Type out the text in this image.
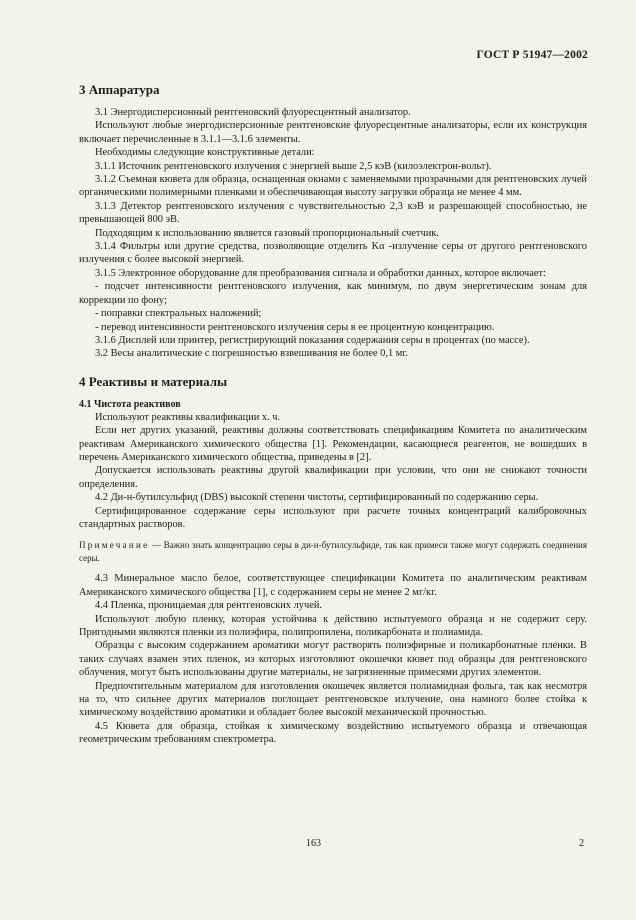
ГОСТ Р 51947—2002
3 Аппаратура

3.1 Энергодисперсионный рентгеновский флуоресцентный анализатор.

Используют любые энергодисперсионные рентгеновские флуоресцентные анализаторы, если их конструкция включает перечисленные в 3.1.1—3.1.6 элементы.

Необходимы следующие конструктивные детали:

3.1.1 Источник рентгеновского излучения с энергией выше 2,5 кэВ (килоэлектрон-вольт).

3.1.2 Съемная кювета для образца, оснащенная окнами с заменяемыми прозрачными для рентгеновских лучей органическими полимерными пленками и обеспечивающая высоту загрузки образца не менее 4 мм.

3.1.3 Детектор рентгеновского излучения с чувствительностью 2,3 кэВ и разрешающей способностью, не превышающей 800 эВ.

Подходящим к использованию является газовый пропорциональный счетчик.

3.1.4 Фильтры или другие средства, позволяющие отделить Kα -излучение серы от другого рентгеновского излучения с более высокой энергией.

3.1.5 Электронное оборудование для преобразования сигнала и обработки данных, которое включает:

- подсчет интенсивности рентгеновского излучения, как минимум, по двум энергетическим зонам для коррекции по фону;

- поправки спектральных наложений;

- перевод интенсивности рентгеновского излучения серы в ее процентную концентрацию.

3.1.6 Дисплей или принтер, регистрирующий показания содержания серы в процентах (по массе).

3.2 Весы аналитические с погрешностью взвешивания не более 0,1 мг.

4 Реактивы и материалы
4.1 Чистота реактивов

Используют реактивы квалификации х. ч.

Если нет других указаний, реактивы должны соответствовать спецификациям Комитета по аналитическим реактивам Американского химического общества [1]. Рекомендации, касающиеся реагентов, не вошедших в перечень Американского химического общества, приведены в [2].

Допускается использовать реактивы другой квалификации при условии, что они не снижают точности определения.

4.2 Ди-н-бутилсульфид (DBS) высокой степени чистоты, сертифицированный по содержанию серы.

Сертифицированное содержание серы используют при расчете точных концентраций калибровочных стандартных растворов.

Примечание — Важно знать концентрацию серы в ди-н-бутилсульфиде, так как примеси также могут содержать соединения серы.

4.3 Минеральное масло белое, соответствующее спецификации Комитета по аналитическим реактивам Американского химического общества [1], с содержанием серы не менее 2 мг/кг.

4.4 Пленка, проницаемая для рентгеновских лучей.

Используют любую пленку, которая устойчива к действию испытуемого образца и не содержит серу. Пригодными являются пленки из полиэфира, полипропилена, поликарбоната и полиамида.

Образцы с высоким содержанием ароматики могут растворять полиэфирные и поликарбонатные пленки. В таких случаях взамен этих пленок, из которых изготовляют окошечки кювет под образцы для рентгеновского облучения, могут быть использованы другие материалы, не загрязненные примесями других элементов.

Предпочтительным материалом для изготовления окошечек является полиамидная фольга, так как несмотря на то, что сильнее других материалов поглощает рентгеновское излучение, она намного более стойка к химическому воздействию ароматики и обладает более высокой механической прочностью.

4.5 Кювета для образца, стойкая к химическому воздействию испытуемого образца и отвечающая геометрическим требованиям спектрометра.

163	2
